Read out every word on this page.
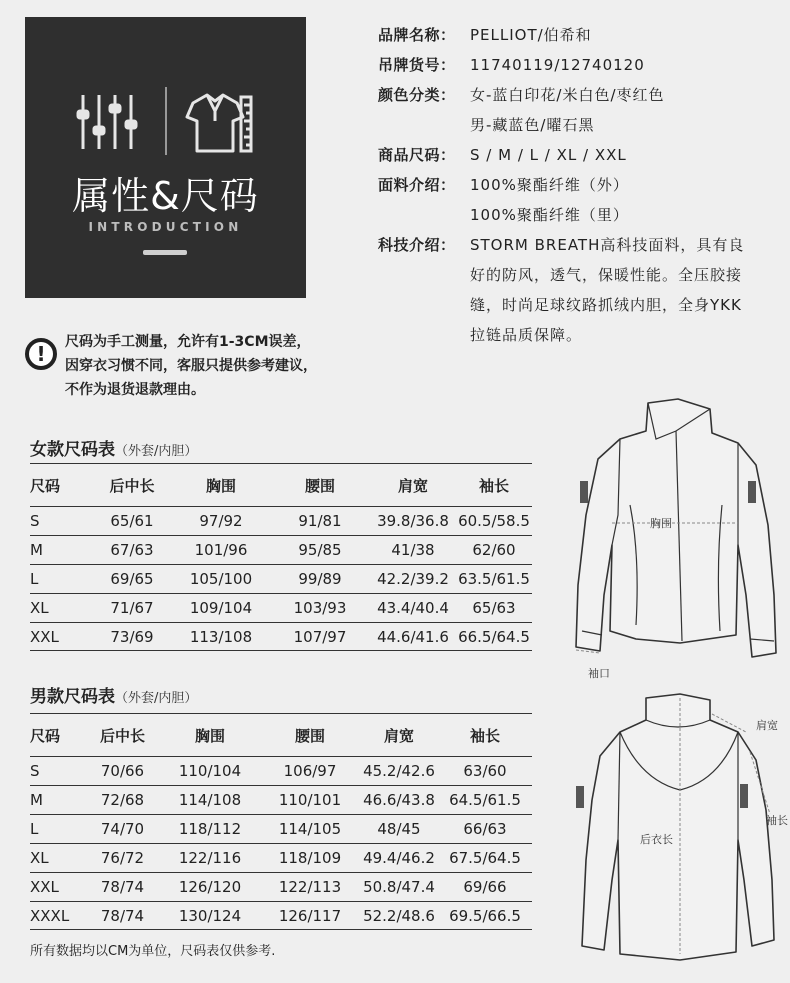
属性&尺码
INTRODUCTION
品牌名称： PELLIOT/伯希和
吊牌货号： 11740119/12740120
颜色分类： 女-蓝白印花/米白色/枣红色
男-藏蓝色/曜石黑
商品尺码： S / M / L / XL / XXL
面料介绍： 100%聚酯纤维（外）
100%聚酯纤维（里）
科技介绍： STORM BREATH高科技面料，具有良
好的防风，透气，保暖性能。全压胶接
缝，时尚足球纹路抓绒内胆，全身YKK
拉链品质保障。
!	尺码为手工测量，允许有1-3CM误差，
因穿衣习惯不同，客服只提供参考建议，
不作为退货退款理由。
女款尺码表（外套/内胆）
尺码	后中长	胸围	腰围	肩宽	袖长
S	65/61	97/92	91/81	39.8/36.8 60.5/58.5
M	67/63	101/96	95/85	41/38	62/60
L	69/65	105/100	99/89	42.2/39.2 63.5/61.5
XL	71/67	109/104	103/93	43.4/40.4	65/63
XXL	73/69	113/108	107/97	44.6/41.6 66.5/64.5
男款尺码表（外套/内胆）
尺码	后中长	胸围	腰围	肩宽	袖长
S	70/66	110/104	106/97	45.2/42.6	63/60
M	72/68	114/108	110/101	46.6/43.8 64.5/61.5
L	74/70	118/112	114/105	48/45	66/63
XL	76/72	122/116	118/109	49.4/46.2 67.5/64.5
XXL	78/74	126/120	122/113	50.8/47.4	69/66
XXXL	78/74	130/124	126/117	52.2/48.6 69.5/66.5
胸围
袖口
肩宽
袖长
后衣长
所有数据均以CM为单位，尺码表仅供参考.
